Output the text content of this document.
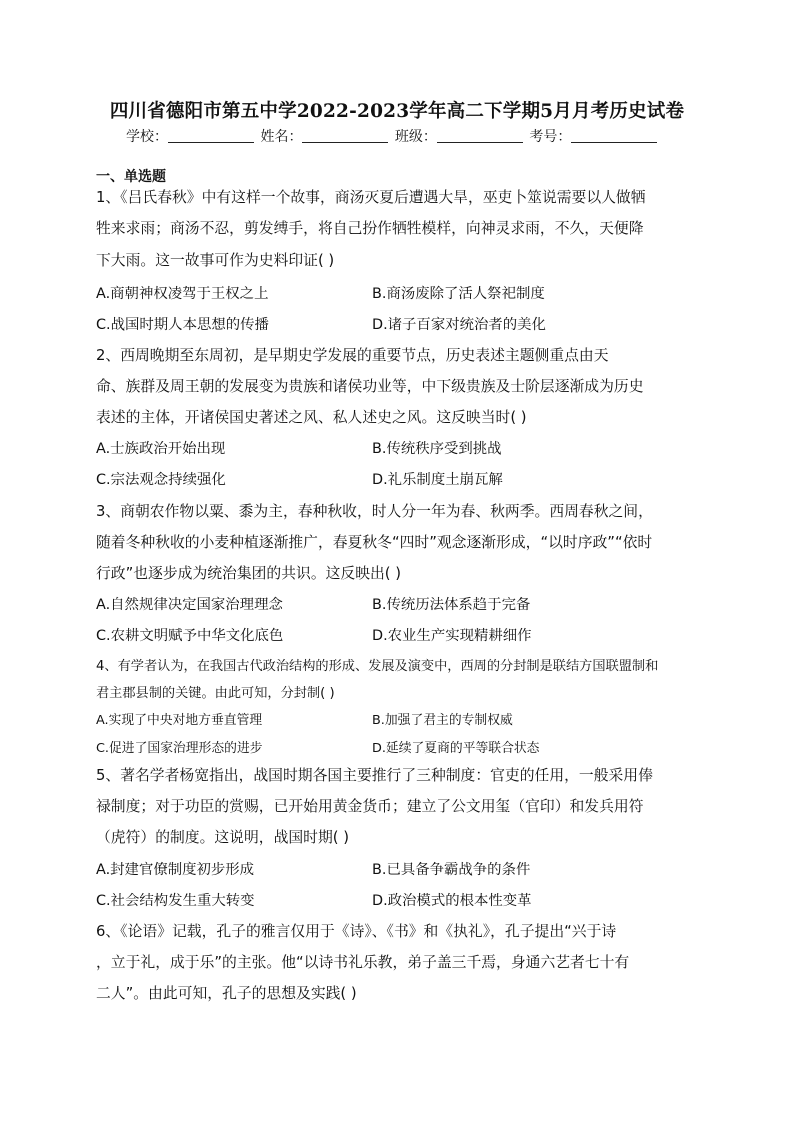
四川省德阳市第五中学2022-2023学年高二下学期5月月考历史试卷
学校：	姓名：	班级：	考号：
一、单选题
1、《吕氏春秋》中有这样一个故事，商汤灭夏后遭遇大旱，巫吏卜筮说需要以人做牺
牲来求雨；商汤不忍，剪发缚手，将自己扮作牺牲模样，向神灵求雨，不久，天便降
下大雨。这一故事可作为史料印证( )
A.商朝神权凌驾于王权之上	B.商汤废除了活人祭祀制度
C.战国时期人本思想的传播	D.诸子百家对统治者的美化
2、西周晚期至东周初，是早期史学发展的重要节点，历史表述主题侧重点由天
命、族群及周王朝的发展变为贵族和诸侯功业等，中下级贵族及士阶层逐渐成为历史
表述的主体，开诸侯国史著述之风、私人述史之风。这反映当时( )
A.士族政治开始出现	B.传统秩序受到挑战
C.宗法观念持续强化	D.礼乐制度土崩瓦解
3、商朝农作物以粟、黍为主，春种秋收，时人分一年为春、秋两季。西周春秋之间，
随着冬种秋收的小麦种植逐渐推广，春夏秋冬“四时”观念逐渐形成，“以时序政”“依时
行政”也逐步成为统治集团的共识。这反映出( )
A.自然规律决定国家治理理念	B.传统历法体系趋于完备
C.农耕文明赋予中华文化底色	D.农业生产实现精耕细作
4、有学者认为，在我国古代政治结构的形成、发展及演变中，西周的分封制是联结方国联盟制和
君主郡县制的关键。由此可知，分封制( )
A.实现了中央对地方垂直管理	B.加强了君主的专制权威
C.促进了国家治理形态的进步	D.延续了夏商的平等联合状态
5、著名学者杨宽指出，战国时期各国主要推行了三种制度：官吏的任用，一般采用俸
禄制度；对于功臣的赏赐，已开始用黄金货币；建立了公文用玺（官印）和发兵用符
（虎符）的制度。这说明，战国时期( )
A.封建官僚制度初步形成	B.已具备争霸战争的条件
C.社会结构发生重大转变	D.政治模式的根本性变革
6、《论语》记载，孔子的雅言仅用于《诗》、《书》和《执礼》，孔子提出“兴于诗
，立于礼，成于乐”的主张。他“以诗书礼乐教，弟子盖三千焉，身通六艺者七十有
二人”。由此可知，孔子的思想及实践( )
